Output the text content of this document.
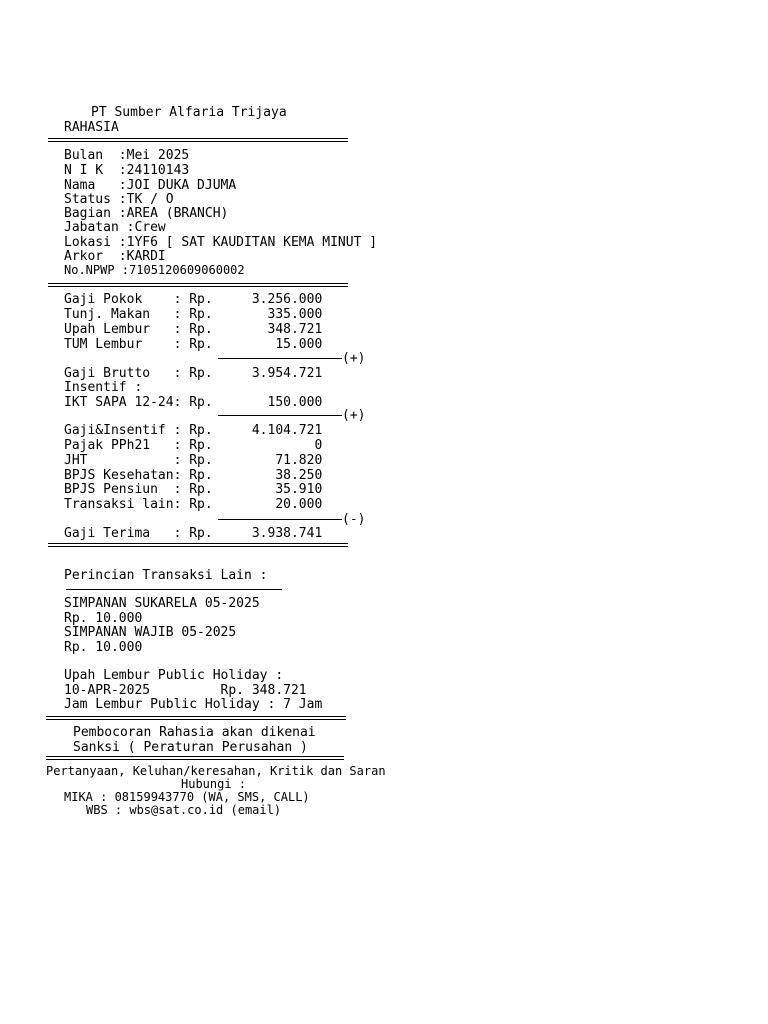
PT Sumber Alfaria Trijaya
RAHASIA
Bulan  :Mei 2025
N I K  :24110143
Nama   :JOI DUKA DJUMA
Status :TK / O
Bagian :AREA (BRANCH)
Jabatan :Crew
Lokasi :1YF6 [ SAT KAUDITAN KEMA MINUT ]
Arkor  :KARDI
No.NPWP :7105120609060002
Gaji Pokok    : Rp.     3.256.000
Tunj. Makan   : Rp.       335.000
Upah Lembur   : Rp.       348.721
TUM Lembur    : Rp.        15.000
(+)
Gaji Brutto   : Rp.     3.954.721
Insentif :
IKT SAPA 12-24: Rp.       150.000
(+)
Gaji&Insentif : Rp.     4.104.721
Pajak PPh21   : Rp.             0
JHT           : Rp.        71.820
BPJS Kesehatan: Rp.        38.250
BPJS Pensiun  : Rp.        35.910
Transaksi lain: Rp.        20.000
(-)
Gaji Terima   : Rp.     3.938.741
Perincian Transaksi Lain :
SIMPANAN SUKARELA 05-2025
Rp. 10.000
SIMPANAN WAJIB 05-2025
Rp. 10.000
Upah Lembur Public Holiday :
10-APR-2025         Rp. 348.721
Jam Lembur Public Holiday : 7 Jam
Pembocoran Rahasia akan dikenai
Sanksi ( Peraturan Perusahan )
Pertanyaan, Keluhan/keresahan, Kritik dan Saran
Hubungi :
MIKA : 08159943770 (WA, SMS, CALL)
WBS : wbs@sat.co.id (email)
